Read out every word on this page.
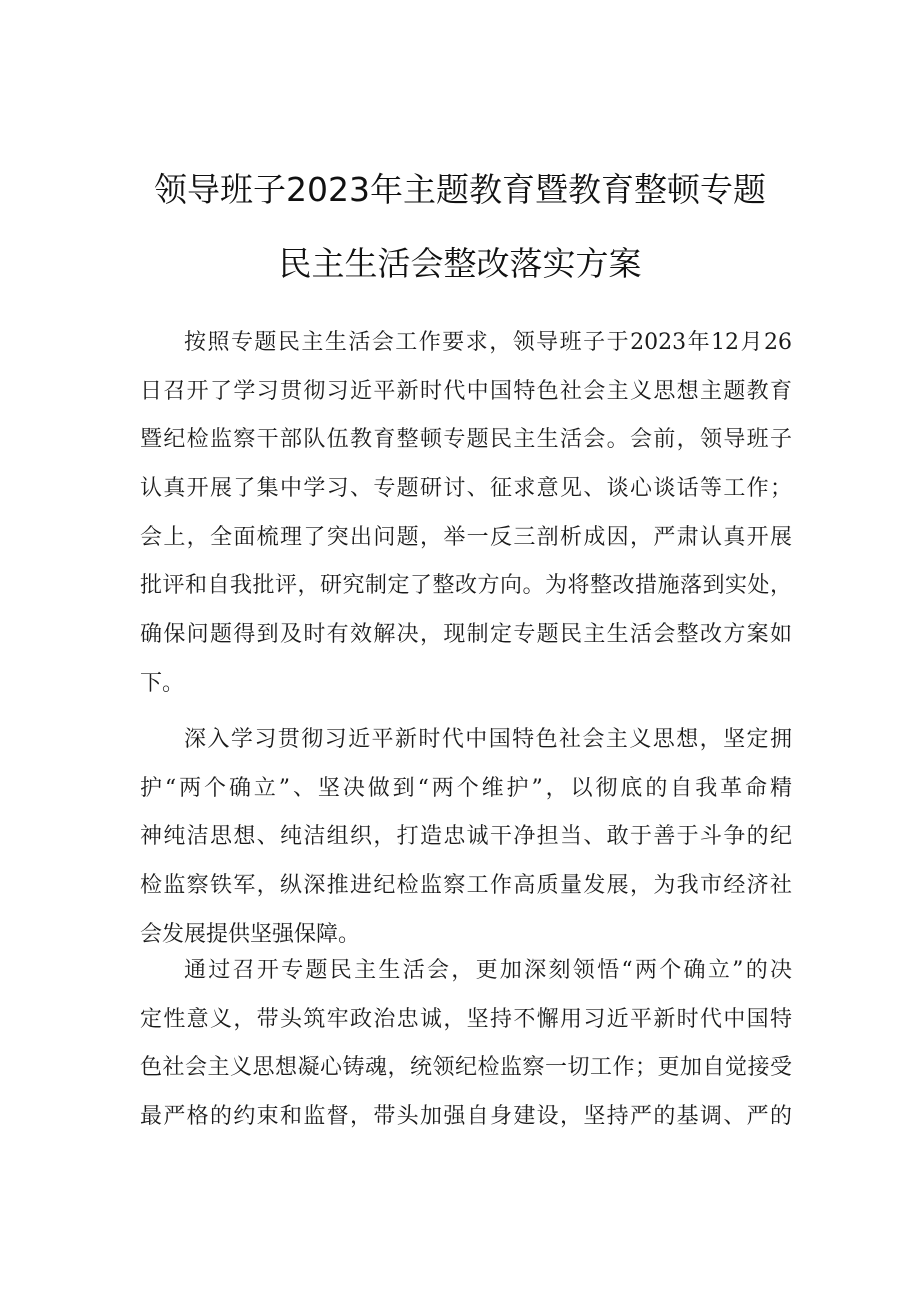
领导班子2023年主题教育暨教育整顿专题
民主生活会整改落实方案
按照专题民主生活会工作要求，领导班子于2023年12月26
日召开了学习贯彻习近平新时代中国特色社会主义思想主题教育
暨纪检监察干部队伍教育整顿专题民主生活会。会前，领导班子
认真开展了集中学习、专题研讨、征求意见、谈心谈话等工作；
会上，全面梳理了突出问题，举一反三剖析成因，严肃认真开展
批评和自我批评，研究制定了整改方向。为将整改措施落到实处，
确保问题得到及时有效解决，现制定专题民主生活会整改方案如
下。
深入学习贯彻习近平新时代中国特色社会主义思想，坚定拥
护“两个确立”、坚决做到“两个维护”，以彻底的自我革命精
神纯洁思想、纯洁组织，打造忠诚干净担当、敢于善于斗争的纪
检监察铁军，纵深推进纪检监察工作高质量发展，为我市经济社
会发展提供坚强保障。
通过召开专题民主生活会，更加深刻领悟“两个确立”的决
定性意义，带头筑牢政治忠诚，坚持不懈用习近平新时代中国特
色社会主义思想凝心铸魂，统领纪检监察一切工作；更加自觉接受
最严格的约束和监督，带头加强自身建设，坚持严的基调、严的
